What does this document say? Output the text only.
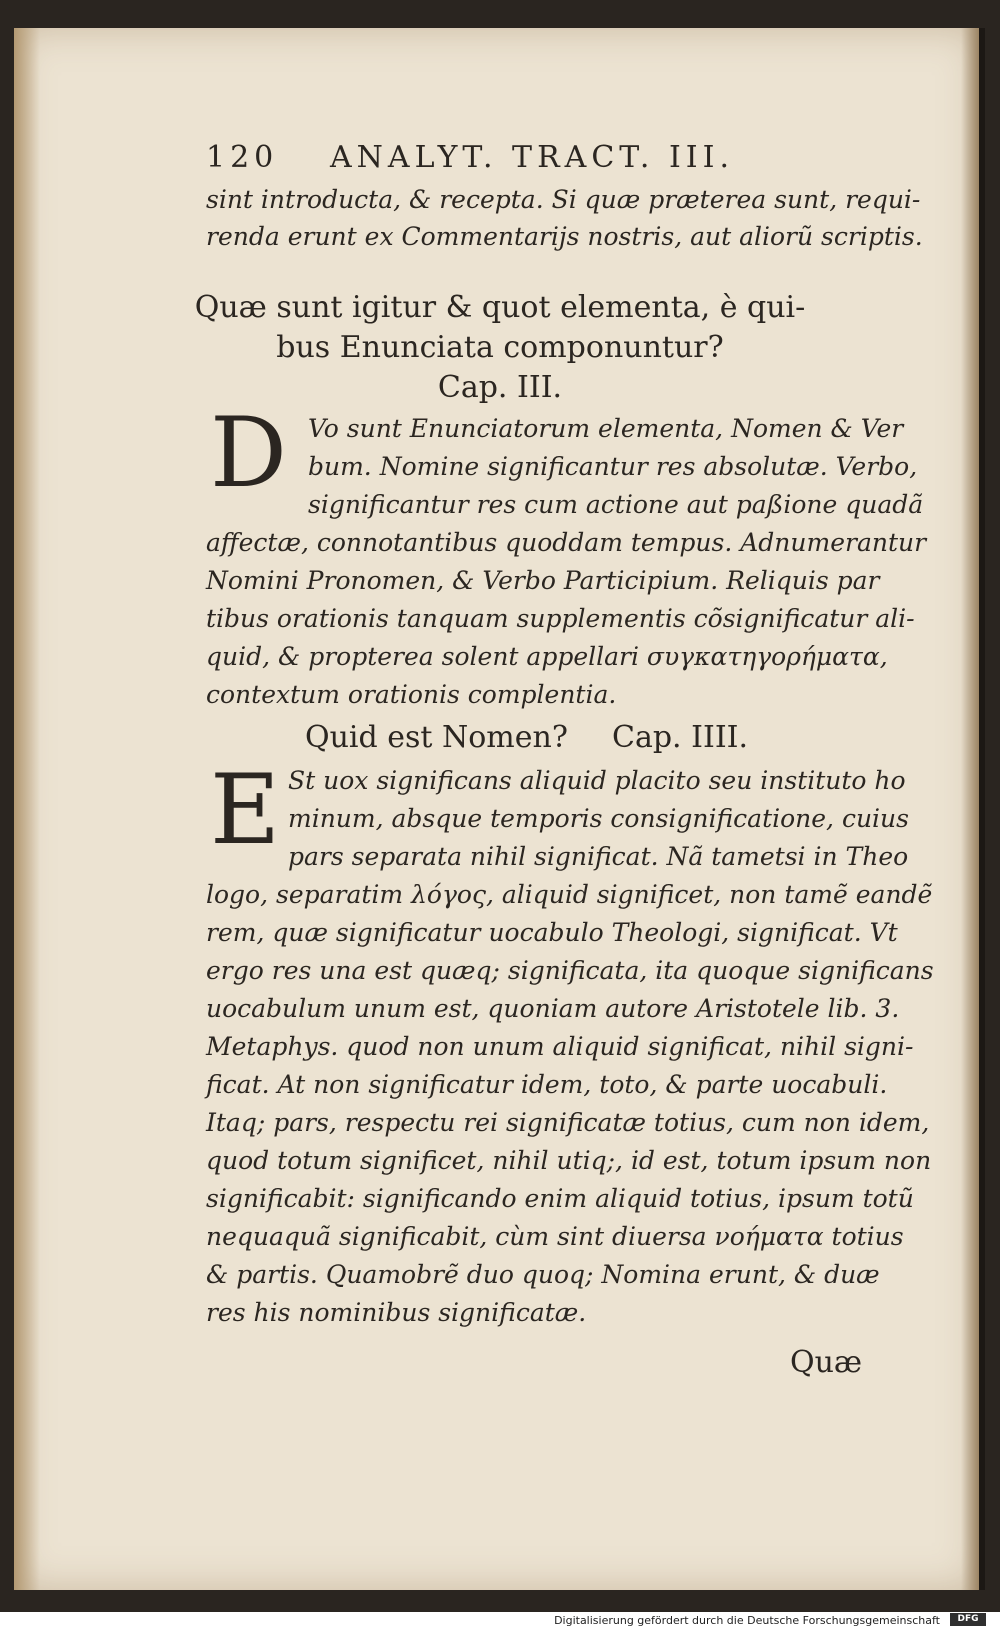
120 ANALYT. TRACT. III.
sint introducta, & recepta. Si quæ præterea sunt, requi-
renda erunt ex Commentarijs nostris, aut aliorũ scriptis.
Quæ sunt igitur & quot elementa, è qui-
bus Enunciata componuntur?
Cap. III.
D Vo sunt Enunciatorum elementa, Nomen & Ver
bum. Nomine significantur res absolutæ. Verbo,
significantur res cum actione aut paßione quadã
affectæ, connotantibus quoddam tempus. Adnumerantur
Nomini Pronomen, & Verbo Participium. Reliquis par
tibus orationis tanquam supplementis cõsignificatur ali-
quid, & propterea solent appellari συγκατηγορήματα,
contextum orationis complentia.
Quid est Nomen? Cap. IIII.
E St uox significans aliquid placito seu instituto ho
minum, absque temporis consignificatione, cuius
pars separata nihil significat. Nã tametsi in Theo
logo, separatim λόγος, aliquid significet, non tamẽ eandẽ
rem, quæ significatur uocabulo Theologi, significat. Vt
ergo res una est quæq; significata, ita quoque significans
uocabulum unum est, quoniam autore Aristotele lib. 3.
Metaphys. quod non unum aliquid significat, nihil signi-
ficat. At non significatur idem, toto, & parte uocabuli.
Itaq; pars, respectu rei significatæ totius, cum non idem,
quod totum significet, nihil utiq;, id est, totum ipsum non
significabit: significando enim aliquid totius, ipsum totũ
nequaquã significabit, cùm sint diuersa νοήματα totius
& partis. Quamobrẽ duo quoq; Nomina erunt, & duæ
res his nominibus significatæ.
Quæ
Digitalisierung gefördert durch die Deutsche Forschungsgemeinschaft	DFG
